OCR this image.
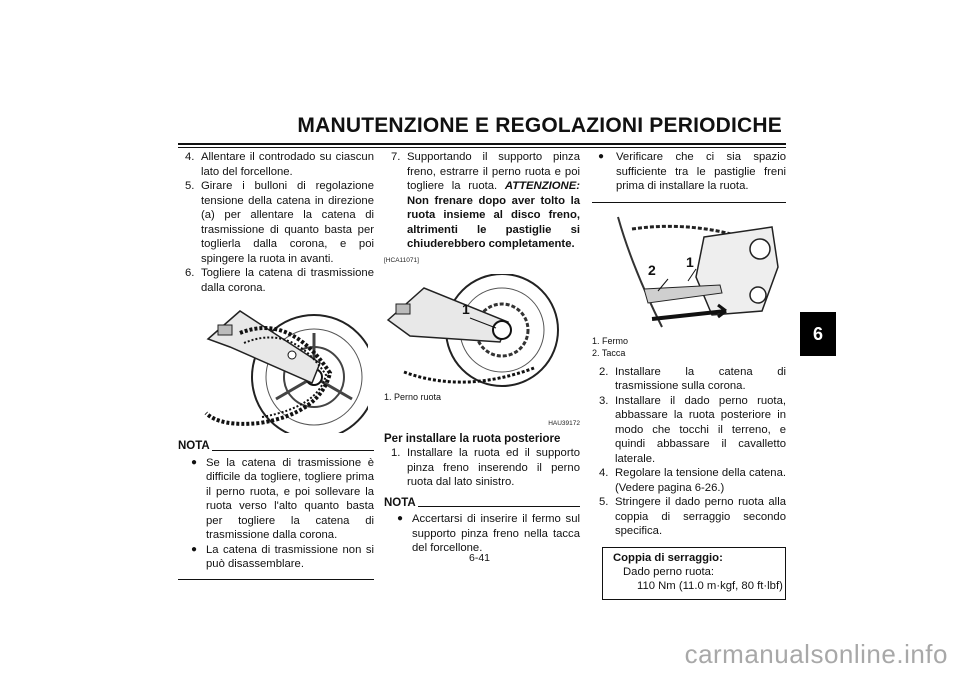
MANUTENZIONE E REGOLAZIONI PERIODICHE
6
4. Allentare il controdado su ciascun lato del forcellone.
5. Girare i bulloni di regolazione tensione della catena in direzione (a) per allentare la catena di trasmissione di quanto basta per toglierla dalla corona, e poi spingere la ruota in avanti.
6. Togliere la catena di trasmissione dalla corona.
NOTA
● Se la catena di trasmissione è difficile da togliere, togliere prima il perno ruota, e poi sollevare la ruota verso l'alto quanto basta per togliere la catena di trasmissione dalla corona.
● La catena di trasmissione non si può disassemblare.
7. Supportando il supporto pinza freno, estrarre il perno ruota e poi togliere la ruota. ATTENZIONE: Non frenare dopo aver tolto la ruota insieme al disco freno, altrimenti le pastiglie si chiuderebbero completamente.
[HCA11071]
1
1. Perno ruota
HAU39172
Per installare la ruota posteriore
1. Installare la ruota ed il supporto pinza freno inserendo il perno ruota dal lato sinistro.
NOTA
● Accertarsi di inserire il fermo sul supporto pinza freno nella tacca del forcellone.
● Verificare che ci sia spazio sufficiente tra le pastiglie freni prima di installare la ruota.
2 1
1. Fermo
2. Tacca
2. Installare la catena di trasmissione sulla corona.
3. Installare il dado perno ruota, abbassare la ruota posteriore in modo che tocchi il terreno, e quindi abbassare il cavalletto laterale.
4. Regolare la tensione della catena. (Vedere pagina 6-26.)
5. Stringere il dado perno ruota alla coppia di serraggio secondo specifica.
Coppia di serraggio:
Dado perno ruota:
110 Nm (11.0 m·kgf, 80 ft·lbf)
6-41
carmanualsonline.info
